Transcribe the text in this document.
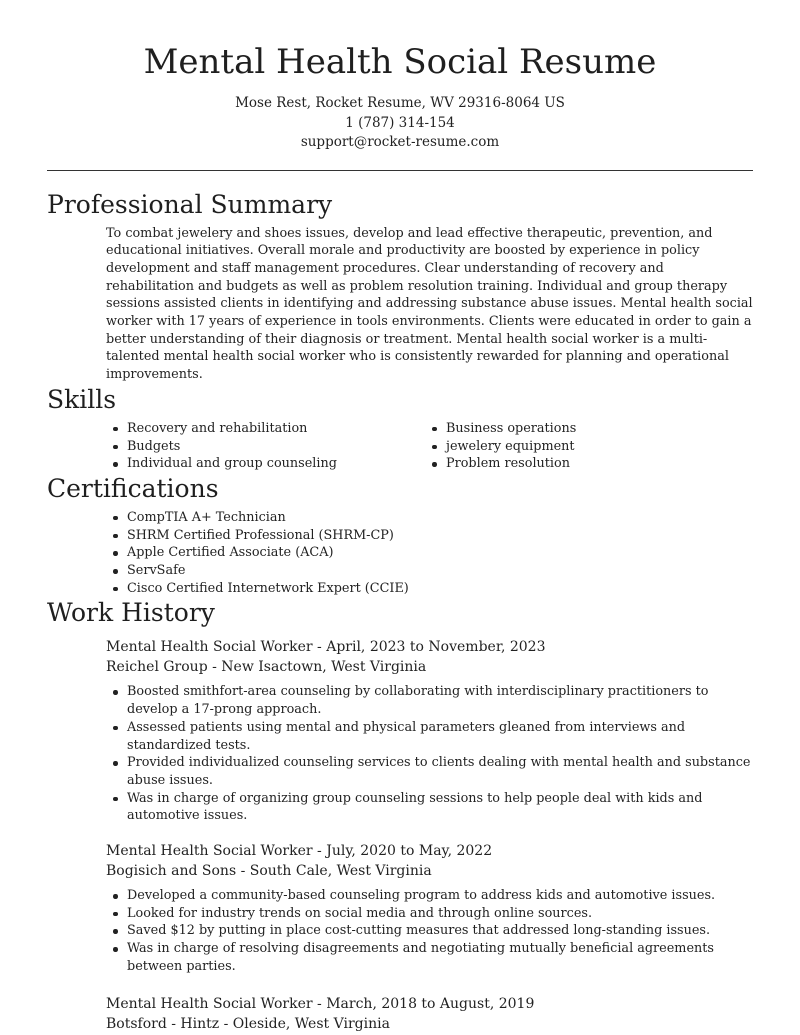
Mental Health Social Resume
Mose Rest, Rocket Resume, WV 29316-8064 US
1 (787) 314-154
support@rocket-resume.com
Professional Summary
To combat jewelery and shoes issues, develop and lead effective therapeutic, prevention, and educational initiatives. Overall morale and productivity are boosted by experience in policy development and staff management procedures. Clear understanding of recovery and rehabilitation and budgets as well as problem resolution training. Individual and group therapy sessions assisted clients in identifying and addressing substance abuse issues. Mental health social worker with 17 years of experience in tools environments. Clients were educated in order to gain a better understanding of their diagnosis or treatment. Mental health social worker is a multi-talented mental health social worker who is consistently rewarded for planning and operational improvements.
Skills
Recovery and rehabilitation
Budgets
Individual and group counseling
Business operations
jewelery equipment
Problem resolution
Certifications
CompTIA A+ Technician
SHRM Certified Professional (SHRM-CP)
Apple Certified Associate (ACA)
ServSafe
Cisco Certified Internetwork Expert (CCIE)
Work History
Mental Health Social Worker - April, 2023 to November, 2023
Reichel Group - New Isactown, West Virginia
Boosted smithfort-area counseling by collaborating with interdisciplinary practitioners to develop a 17-prong approach.
Assessed patients using mental and physical parameters gleaned from interviews and standardized tests.
Provided individualized counseling services to clients dealing with mental health and substance abuse issues.
Was in charge of organizing group counseling sessions to help people deal with kids and automotive issues.
Mental Health Social Worker - July, 2020 to May, 2022
Bogisich and Sons - South Cale, West Virginia
Developed a community-based counseling program to address kids and automotive issues.
Looked for industry trends on social media and through online sources.
Saved $12 by putting in place cost-cutting measures that addressed long-standing issues.
Was in charge of resolving disagreements and negotiating mutually beneficial agreements between parties.
Mental Health Social Worker - March, 2018 to August, 2019
Botsford - Hintz - Oleside, West Virginia
